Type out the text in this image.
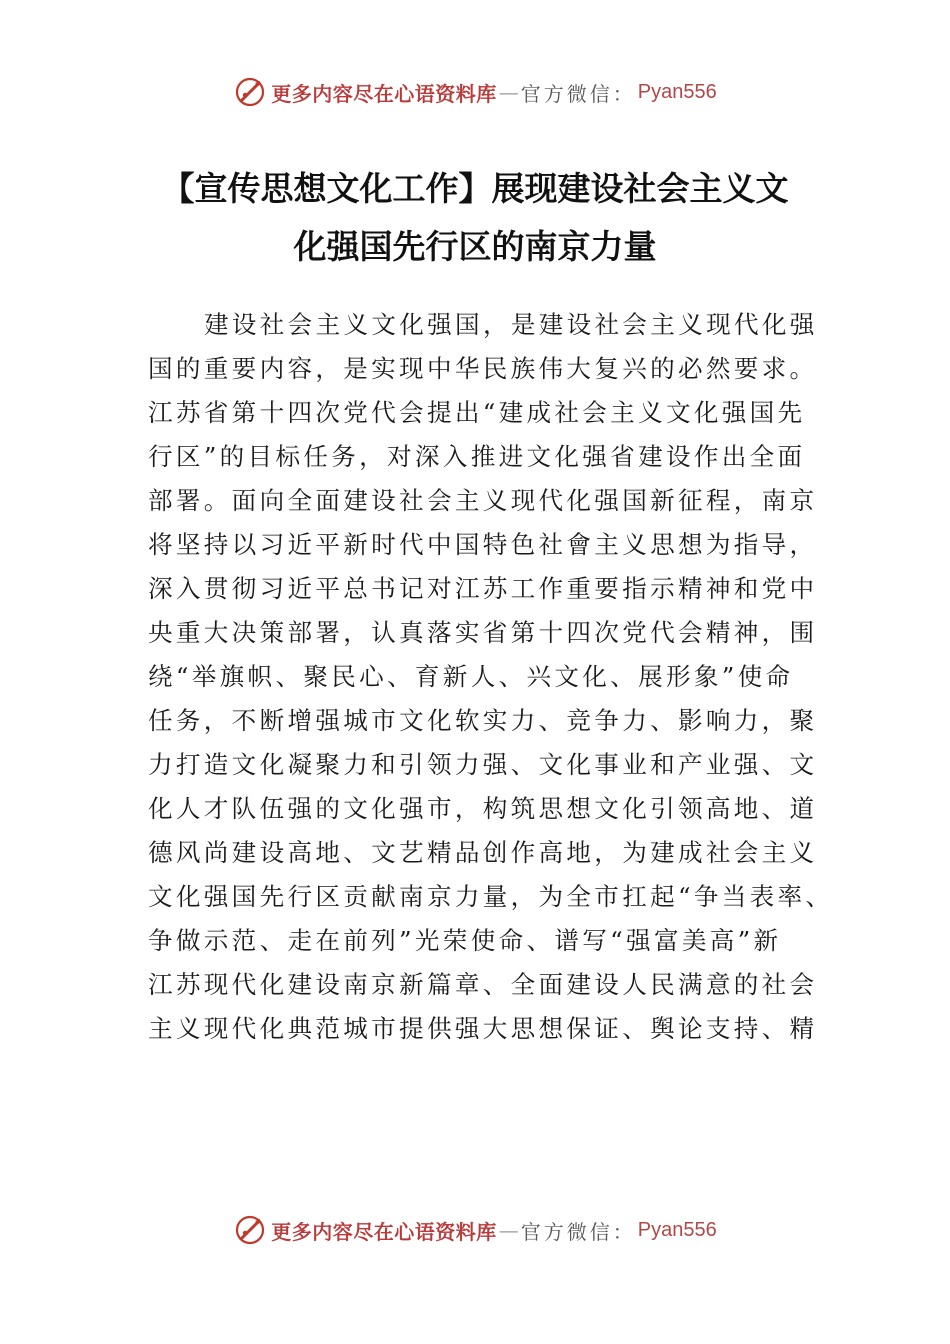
更多内容尽在心语资料库 — 官方微信： Pyan556
【宣传思想文化工作】展现建设社会主义文
化强国先行区的南京力量
建设社会主义文化强国，是建设社会主义现代化强
国的重要内容，是实现中华民族伟大复兴的必然要求。
江苏省第十四次党代会提出“建成社会主义文化强国先
行区”的目标任务，对深入推进文化强省建设作出全面
部署。面向全面建设社会主义现代化强国新征程，南京
将坚持以习近平新时代中国特色社會主义思想为指导，
深入贯彻习近平总书记对江苏工作重要指示精神和党中
央重大决策部署，认真落实省第十四次党代会精神，围
绕“举旗帜、聚民心、育新人、兴文化、展形象”使命
任务，不断增强城市文化软实力、竞争力、影响力，聚
力打造文化凝聚力和引领力强、文化事业和产业强、文
化人才队伍强的文化强市，构筑思想文化引领高地、道
德风尚建设高地、文艺精品创作高地，为建成社会主义
文化强国先行区贡献南京力量，为全市扛起“争当表率、
争做示范、走在前列”光荣使命、谱写“强富美高”新
江苏现代化建设南京新篇章、全面建设人民满意的社会
主义现代化典范城市提供强大思想保证、舆论支持、精
更多内容尽在心语资料库 — 官方微信： Pyan556
